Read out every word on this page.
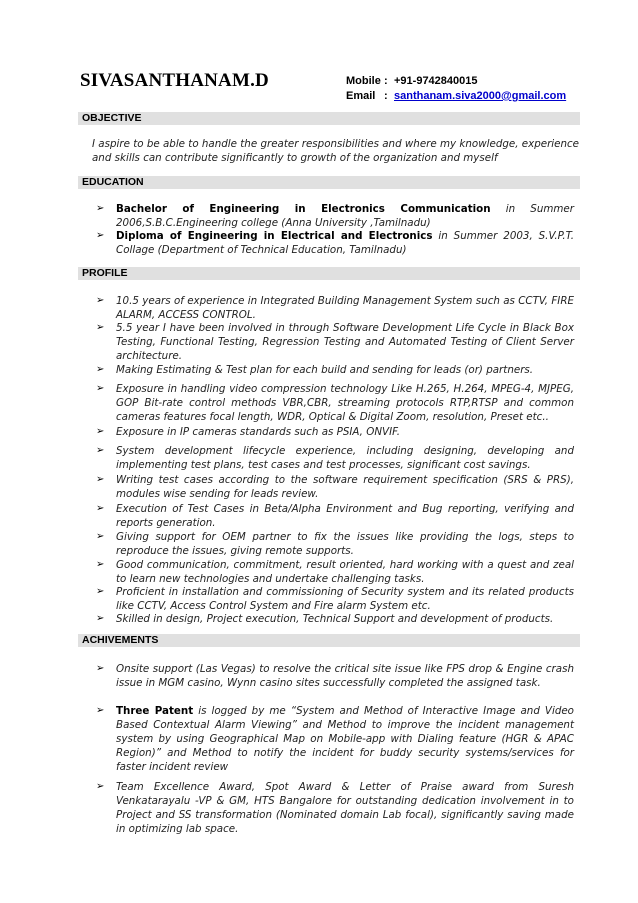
SIVASANTHANAM.D	Mobile : +91-9742840015
Email : santhanam.siva2000@gmail.com
OBJECTIVE
I aspire to be able to handle the greater responsibilities and where my knowledge, experience and skills can contribute significantly to growth of the organization and myself
EDUCATION
➢ Bachelor of Engineering in Electronics Communication in Summer 2006,S.B.C.Engineering college (Anna University ,Tamilnadu)
➢ Diploma of Engineering in Electrical and Electronics in Summer 2003, S.V.P.T. Collage (Department of Technical Education, Tamilnadu)
PROFILE
➢ 10.5 years of experience in Integrated Building Management System such as CCTV, FIRE ALARM, ACCESS CONTROL.
➢ 5.5 year I have been involved in through Software Development Life Cycle in Black Box Testing, Functional Testing, Regression Testing and Automated Testing of Client Server architecture.
➢ Making Estimating & Test plan for each build and sending for leads (or) partners.
➢ Exposure in handling video compression technology Like H.265, H.264, MPEG-4, MJPEG, GOP Bit-rate control methods VBR,CBR, streaming protocols RTP,RTSP and common cameras features focal length, WDR, Optical & Digital Zoom, resolution, Preset etc..
➢ Exposure in IP cameras standards such as PSIA, ONVIF.
➢ System development lifecycle experience, including designing, developing and implementing test plans, test cases and test processes, significant cost savings.
➢ Writing test cases according to the software requirement specification (SRS & PRS), modules wise sending for leads review.
➢ Execution of Test Cases in Beta/Alpha Environment and Bug reporting, verifying and reports generation.
➢ Giving support for OEM partner to fix the issues like providing the logs, steps to reproduce the issues, giving remote supports.
➢ Good communication, commitment, result oriented, hard working with a quest and zeal to learn new technologies and undertake challenging tasks.
➢ Proficient in installation and commissioning of Security system and its related products like CCTV, Access Control System and Fire alarm System etc.
➢ Skilled in design, Project execution, Technical Support and development of products.
ACHIVEMENTS
➢ Onsite support (Las Vegas) to resolve the critical site issue like FPS drop & Engine crash issue in MGM casino, Wynn casino sites successfully completed the assigned task.
➢ Three Patent is logged by me “System and Method of Interactive Image and Video Based Contextual Alarm Viewing” and Method to improve the incident management system by using Geographical Map on Mobile-app with Dialing feature (HGR & APAC Region)” and Method to notify the incident for buddy security systems/services for faster incident review
➢ Team Excellence Award, Spot Award & Letter of Praise award from Suresh Venkatarayalu -VP & GM, HTS Bangalore for outstanding dedication involvement in to Project and SS transformation (Nominated domain Lab focal), significantly saving made in optimizing lab space.
